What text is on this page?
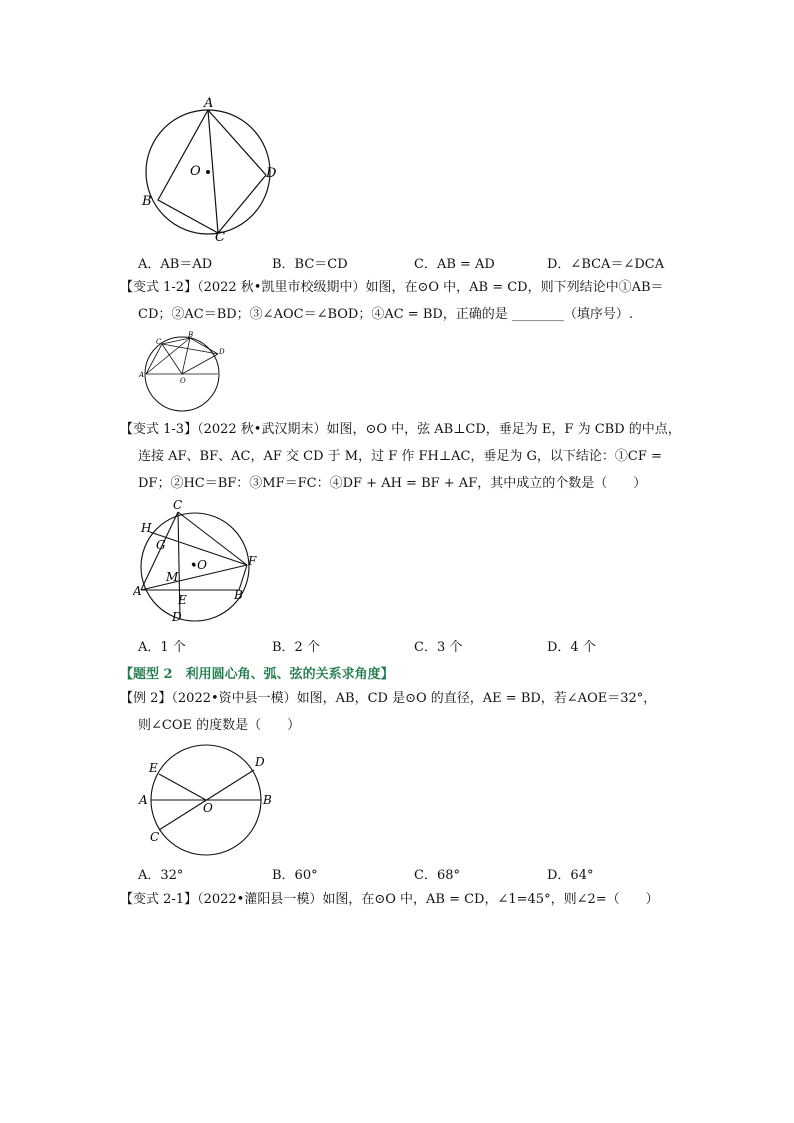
A
O	D
B
C
A．AB＝AD	B．BC＝CD	C．AB = AD	D．∠BCA＝∠DCA
【变式 1-2】（2022 秋•凯里市校级期中）如图，在⊙O 中，AB = CD，则下列结论中①AB＝
CD；②AC＝BD；③∠AOC＝∠BOD；④AC = BD，正确的是 ________（填序号）.
C
B
D
A
O
【变式 1-3】（2022 秋•武汉期末）如图，⊙O 中，弦 AB⊥CD，垂足为 E，F 为 CBD 的中点，
连接 AF、BF、AC，AF 交 CD 于 M，过 F 作 FH⊥AC，垂足为 G，以下结论：①CF =
DF；②HC＝BF：③MF＝FC：④DF + AH = BF + AF，其中成立的个数是（　　）
C
H
G
•O	F
M
A
E	B
D
A．1 个	B．2 个	C．3 个	D．4 个
【题型 2　利用圆心角、弧、弦的关系求角度】
【例 2】（2022•资中县一模）如图，AB，CD 是⊙O 的直径，AE = BD，若∠AOE＝32°，
则∠COE 的度数是（　　）
E	D
A
O
B
C
A．32°	B．60°	C．68°	D．64°
【变式 2-1】（2022•灌阳县一模）如图，在⊙O 中，AB = CD，∠1=45°，则∠2=（　　）
